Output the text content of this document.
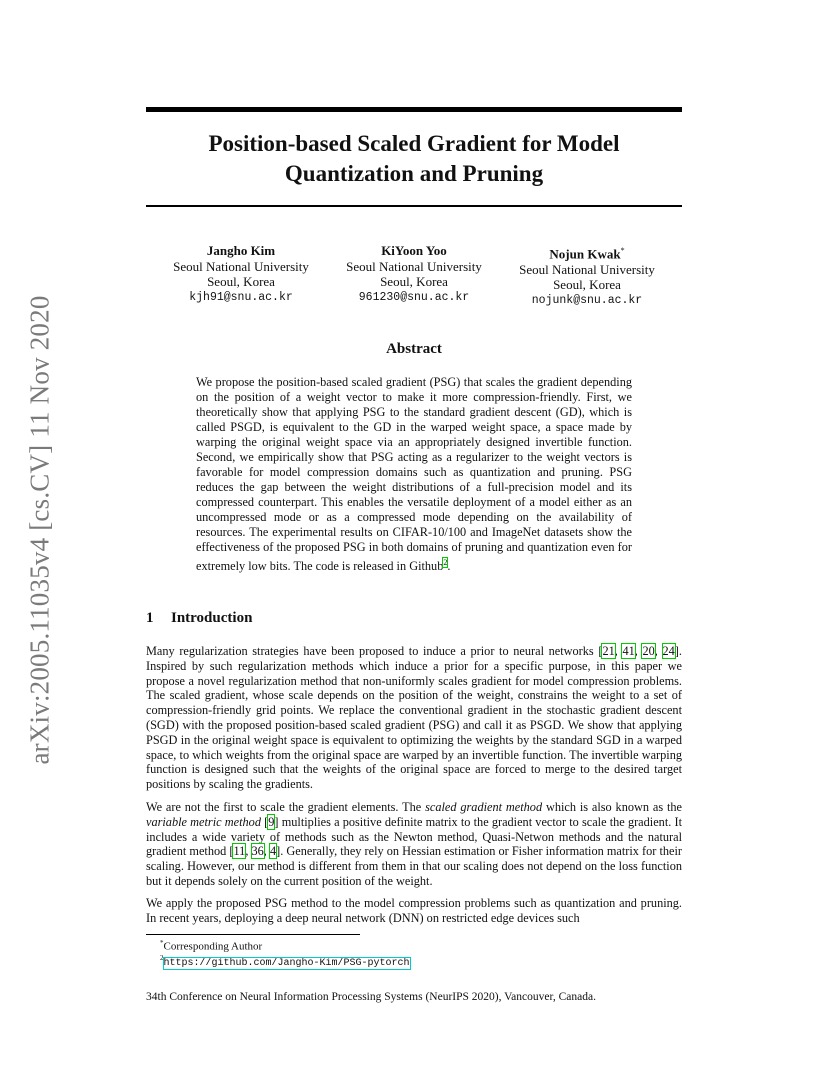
arXiv:2005.11035v4 [cs.CV] 11 Nov 2020
Position-based Scaled Gradient for Model
Quantization and Pruning
Jangho Kim
Seoul National University
Seoul, Korea
kjh91@snu.ac.kr
KiYoon Yoo
Seoul National University
Seoul, Korea
961230@snu.ac.kr
Nojun Kwak*
Seoul National University
Seoul, Korea
nojunk@snu.ac.kr
Abstract
We propose the position-based scaled gradient (PSG) that scales the gradient depending on the position of a weight vector to make it more compression-friendly. First, we theoretically show that applying PSG to the standard gradient descent (GD), which is called PSGD, is equivalent to the GD in the warped weight space, a space made by warping the original weight space via an appropriately designed invertible function. Second, we empirically show that PSG acting as a regularizer to the weight vectors is favorable for model compression domains such as quantization and pruning. PSG reduces the gap between the weight distributions of a full-precision model and its compressed counterpart. This enables the versatile deployment of a model either as an uncompressed mode or as a compressed mode depending on the availability of resources. The experimental results on CIFAR-10/100 and ImageNet datasets show the effectiveness of the proposed PSG in both domains of pruning and quantization even for extremely low bits. The code is released in Github$^2$.
1 Introduction
Many regularization strategies have been proposed to induce a prior to neural networks [21, 41, 20, 24]. Inspired by such regularization methods which induce a prior for a specific purpose, in this paper we propose a novel regularization method that non-uniformly scales gradient for model compression problems. The scaled gradient, whose scale depends on the position of the weight, constrains the weight to a set of compression-friendly grid points. We replace the conventional gradient in the stochastic gradient descent (SGD) with the proposed position-based scaled gradient (PSG) and call it as PSGD. We show that applying PSGD in the original weight space is equivalent to optimizing the weights by the standard SGD in a warped space, to which weights from the original space are warped by an invertible function. The invertible warping function is designed such that the weights of the original space are forced to merge to the desired target positions by scaling the gradients.
We are not the first to scale the gradient elements. The scaled gradient method which is also known as the variable metric method [9] multiplies a positive definite matrix to the gradient vector to scale the gradient. It includes a wide variety of methods such as the Newton method, Quasi-Netwon methods and the natural gradient method [11, 36, 4]. Generally, they rely on Hessian estimation or Fisher information matrix for their scaling. However, our method is different from them in that our scaling does not depend on the loss function but it depends solely on the current position of the weight.
We apply the proposed PSG method to the model compression problems such as quantization and pruning. In recent years, deploying a deep neural network (DNN) on restricted edge devices such
*Corresponding Author
$^2$https://github.com/Jangho-Kim/PSG-pytorch
34th Conference on Neural Information Processing Systems (NeurIPS 2020), Vancouver, Canada.
